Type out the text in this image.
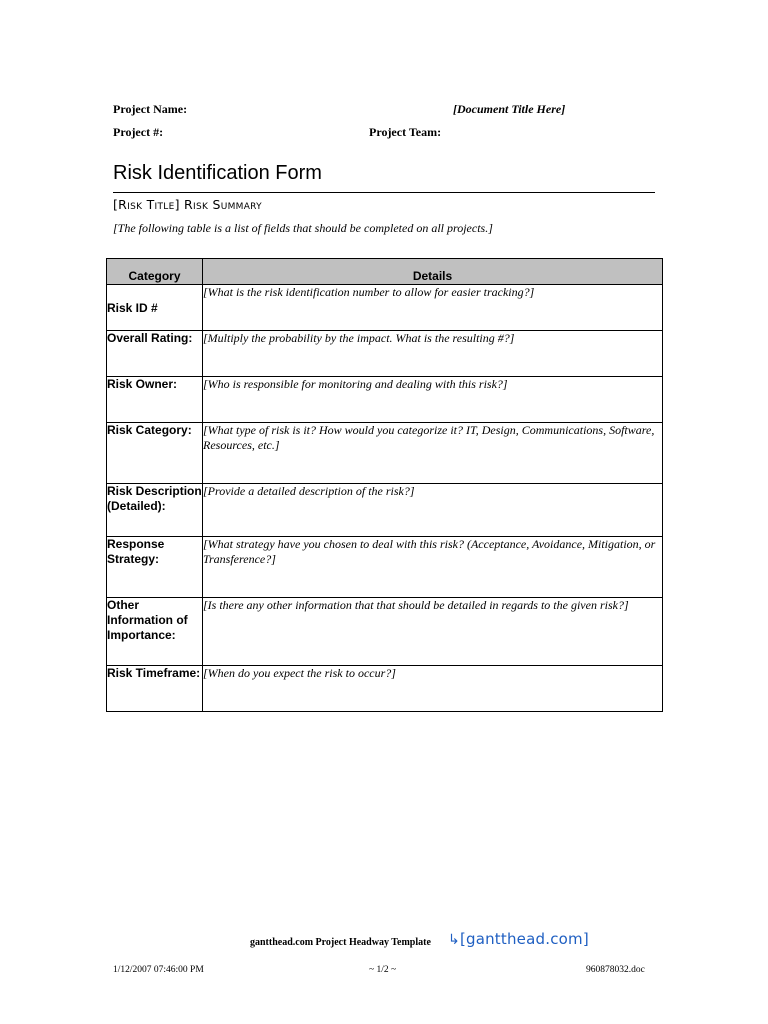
Project Name:	[Document Title Here]
Project #:	Project Team:
Risk Identification Form
[Risk Title] Risk Summary
[The following table is a list of fields that should be completed on all projects.]
Category	Details
Risk ID #	[What is the risk identification number to allow for easier tracking?]
Overall Rating:	[Multiply the probability by the impact. What is the resulting #?]
Risk Owner:	[Who is responsible for monitoring and dealing with this risk?]
Risk Category:	[What type of risk is it? How would you categorize it? IT, Design, Communications, Software, Resources, etc.]
Risk Description (Detailed):	[Provide a detailed description of the risk?]
Response Strategy:	[What strategy have you chosen to deal with this risk? (Acceptance, Avoidance, Mitigation, or Transference?]
Other Information of Importance:	[Is there any other information that that should be detailed in regards to the given risk?]
Risk Timeframe:	[When do you expect the risk to occur?]
gantthead.com Project Headway Template ↳[gantthead.com]
1/12/2007 07:46:00 PM	~ 1/2 ~	960878032.doc
